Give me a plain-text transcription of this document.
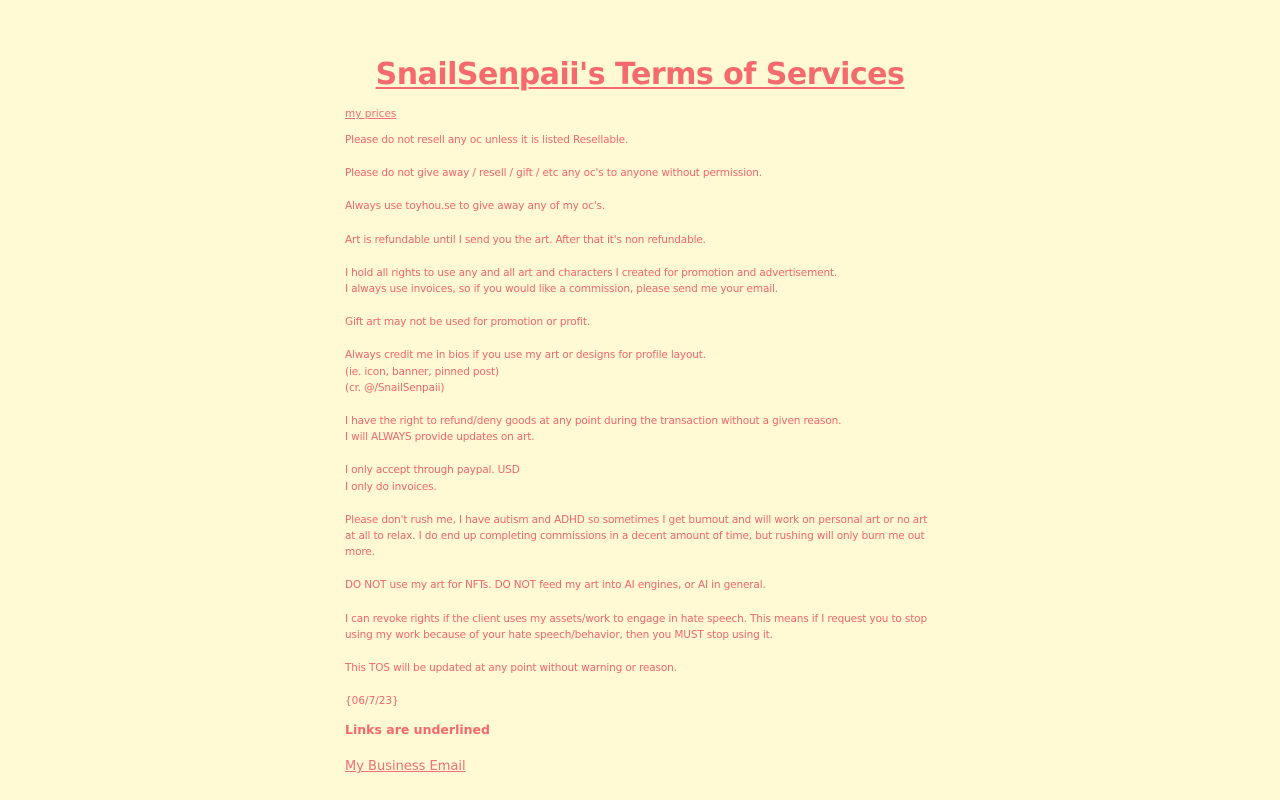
SnailSenpaii's Terms of Services
my prices

Please do not resell any oc unless it is listed Resellable.

Please do not give away / resell / gift / etc any oc's to anyone without permission.

Always use toyhou.se to give away any of my oc's.

Art is refundable until I send you the art. After that it's non refundable.

I hold all rights to use any and all art and characters I created for promotion and advertisement.
I always use invoices, so if you would like a commission, please send me your email.

Gift art may not be used for promotion or profit.

Always credit me in bios if you use my art or designs for profile layout.
(ie. icon, banner, pinned post)
(cr. @/SnailSenpaii)

I have the right to refund/deny goods at any point during the transaction without a given reason.
I will ALWAYS provide updates on art.

I only accept through paypal. USD
I only do invoices.

Please don't rush me, I have autism and ADHD so sometimes I get burnout and will work on personal art or no art at all to relax. I do end up completing commissions in a decent amount of time, but rushing will only burn me out more.

DO NOT use my art for NFTs. DO NOT feed my art into AI engines, or AI in general.

I can revoke rights if the client uses my assets/work to engage in hate speech. This means if I request you to stop using my work because of your hate speech/behavior, then you MUST stop using it.

This TOS will be updated at any point without warning or reason.

{06/7/23}
Links are underlined
My Business Email
